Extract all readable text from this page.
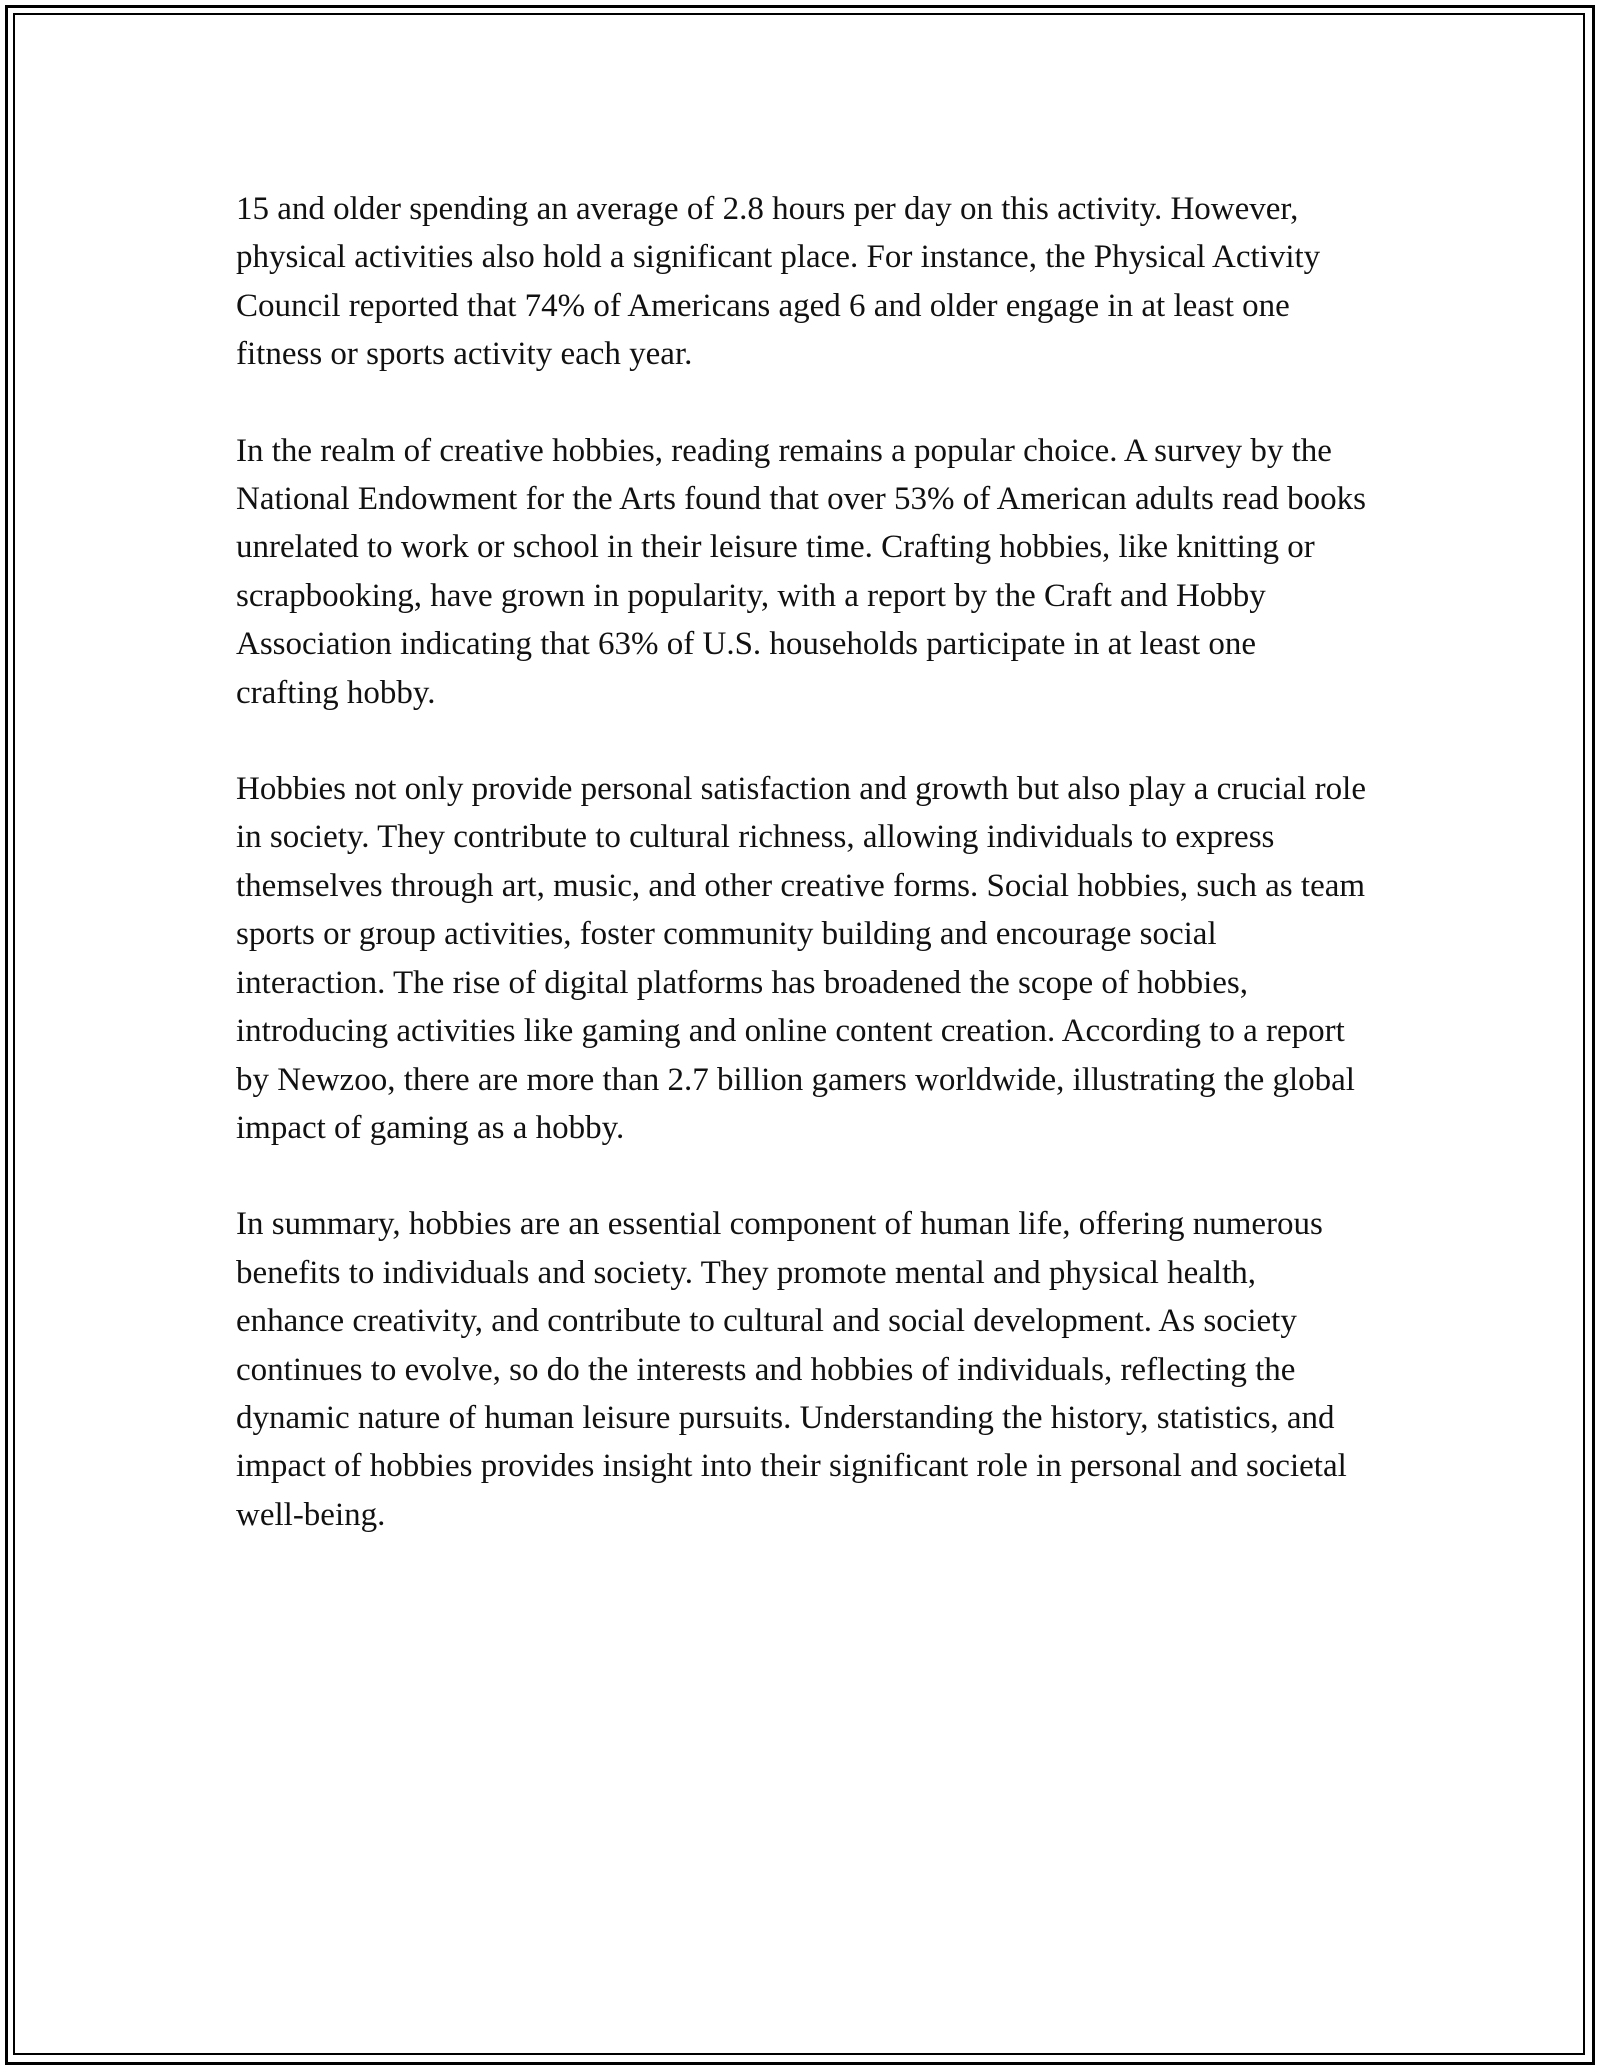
15 and older spending an average of 2.8 hours per day on this activity. However, physical activities also hold a significant place. For instance, the Physical Activity Council reported that 74% of Americans aged 6 and older engage in at least one fitness or sports activity each year.

In the realm of creative hobbies, reading remains a popular choice. A survey by the National Endowment for the Arts found that over 53% of American adults read books unrelated to work or school in their leisure time. Crafting hobbies, like knitting or scrapbooking, have grown in popularity, with a report by the Craft and Hobby Association indicating that 63% of U.S. households participate in at least one crafting hobby.

Hobbies not only provide personal satisfaction and growth but also play a crucial role in society. They contribute to cultural richness, allowing individuals to express themselves through art, music, and other creative forms. Social hobbies, such as team sports or group activities, foster community building and encourage social interaction. The rise of digital platforms has broadened the scope of hobbies, introducing activities like gaming and online content creation. According to a report by Newzoo, there are more than 2.7 billion gamers worldwide, illustrating the global impact of gaming as a hobby.

In summary, hobbies are an essential component of human life, offering numerous benefits to individuals and society. They promote mental and physical health, enhance creativity, and contribute to cultural and social development. As society continues to evolve, so do the interests and hobbies of individuals, reflecting the dynamic nature of human leisure pursuits. Understanding the history, statistics, and impact of hobbies provides insight into their significant role in personal and societal well-being.
